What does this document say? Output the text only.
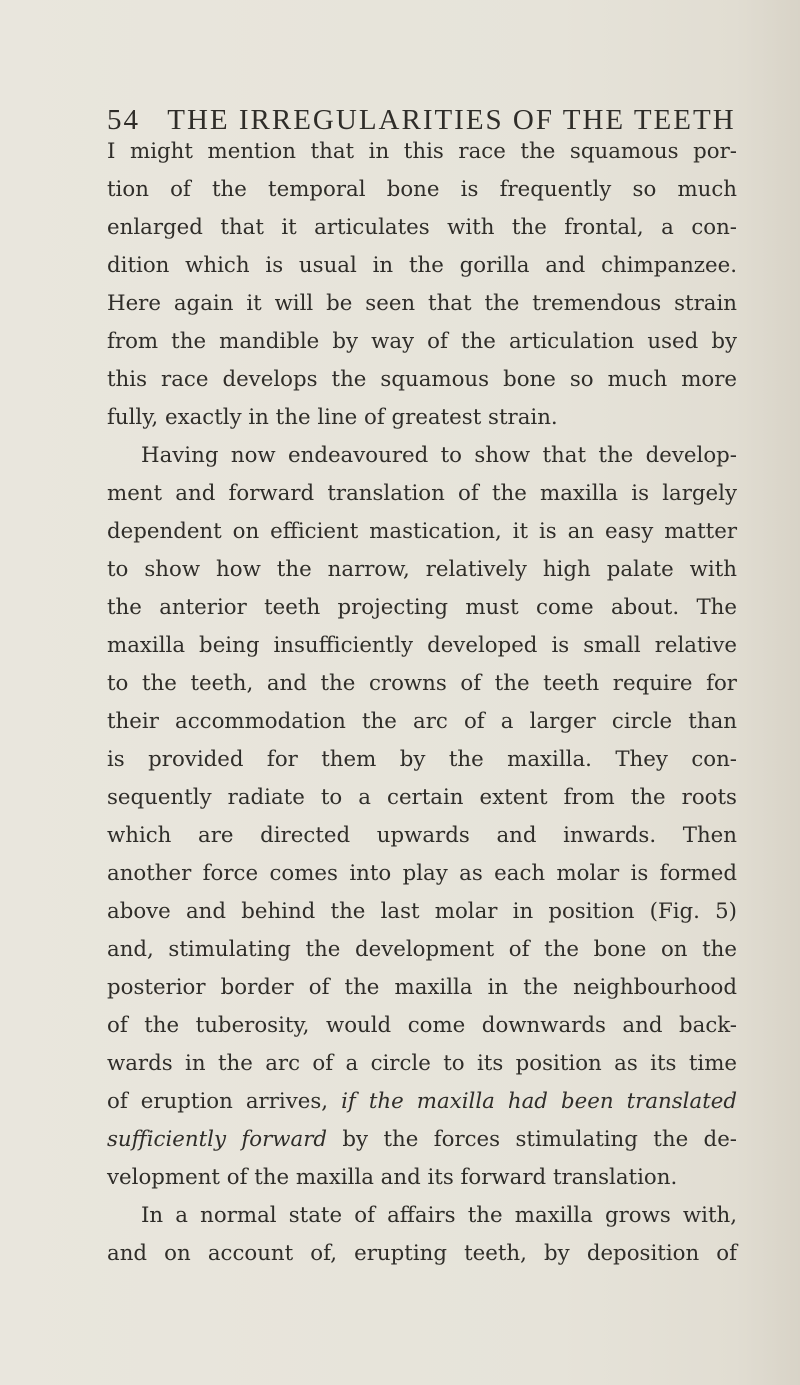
54 THE IRREGULARITIES OF THE TEETH
I might mention that in this race the squamous por-
tion of the temporal bone is frequently so much
enlarged that it articulates with the frontal, a con-
dition which is usual in the gorilla and chimpanzee.
Here again it will be seen that the tremendous strain
from the mandible by way of the articulation used by
this race develops the squamous bone so much more
fully, exactly in the line of greatest strain.
Having now endeavoured to show that the develop-
ment and forward translation of the maxilla is largely
dependent on efficient mastication, it is an easy matter
to show how the narrow, relatively high palate with
the anterior teeth projecting must come about. The
maxilla being insufficiently developed is small relative
to the teeth, and the crowns of the teeth require for
their accommodation the arc of a larger circle than
is provided for them by the maxilla. They con-
sequently radiate to a certain extent from the roots
which are directed upwards and inwards. Then
another force comes into play as each molar is formed
above and behind the last molar in position (Fig. 5)
and, stimulating the development of the bone on the
posterior border of the maxilla in the neighbourhood
of the tuberosity, would come downwards and back-
wards in the arc of a circle to its position as its time
of eruption arrives, if the maxilla had been translated
sufficiently forward by the forces stimulating the de-
velopment of the maxilla and its forward translation.
In a normal state of affairs the maxilla grows with,
and on account of, erupting teeth, by deposition of
